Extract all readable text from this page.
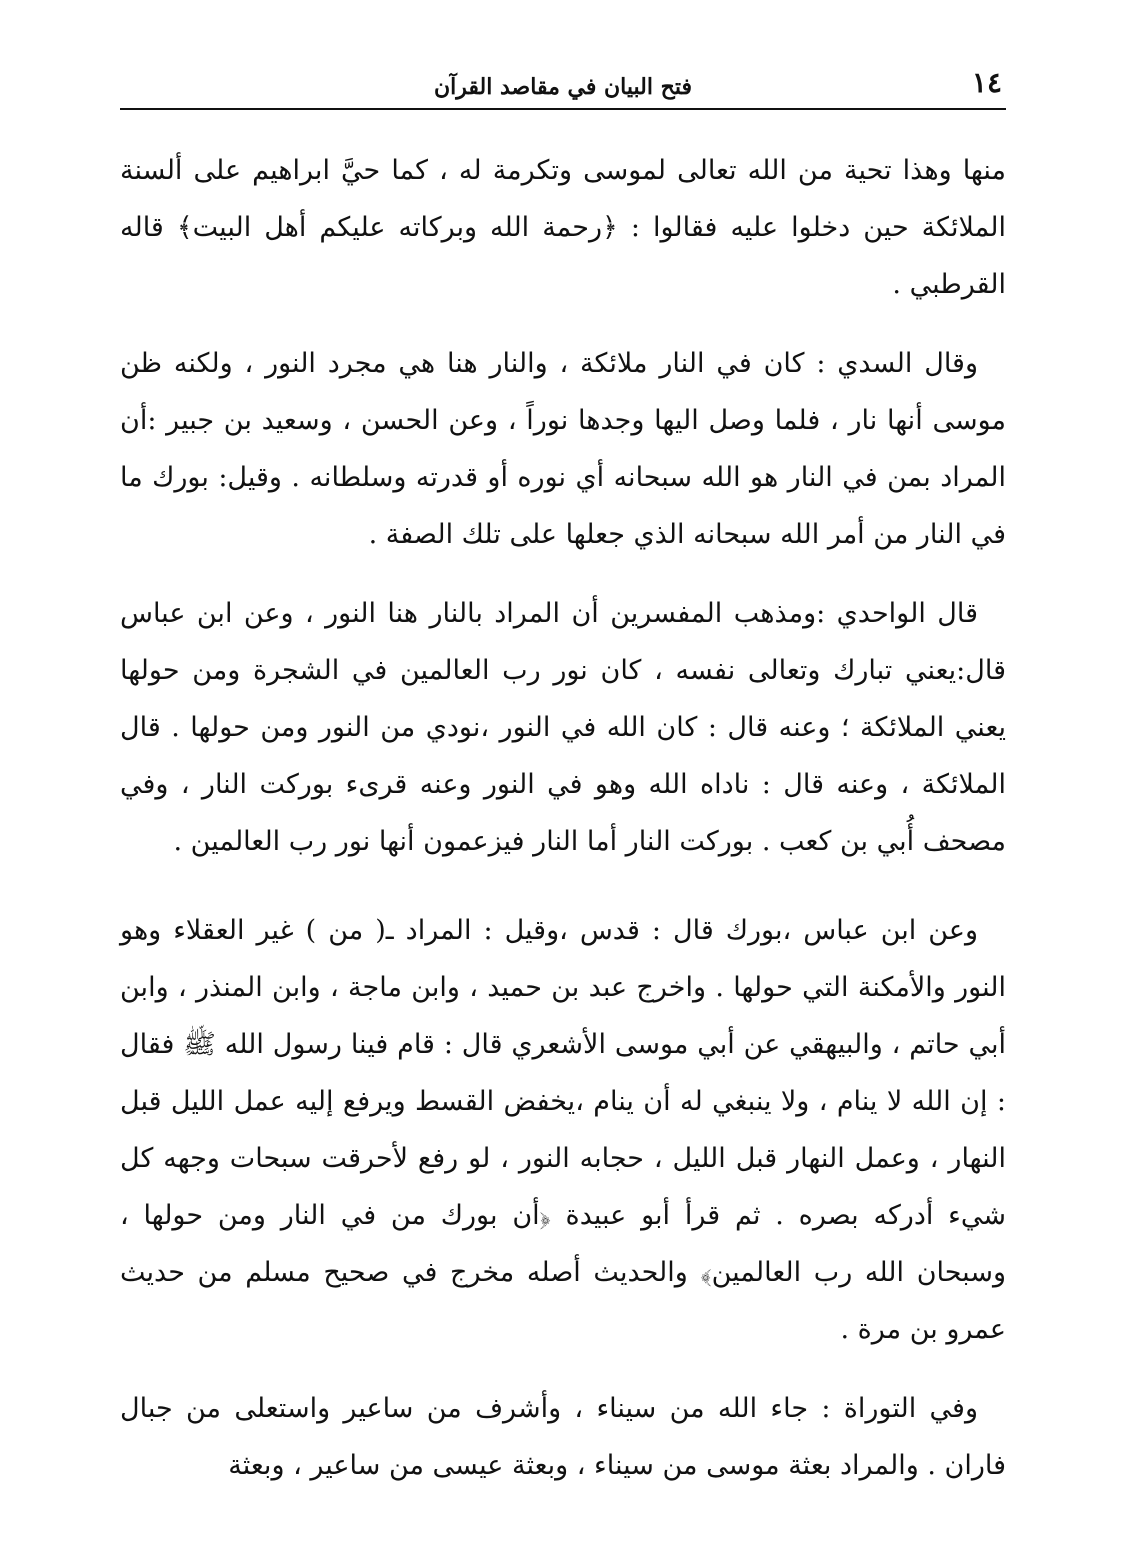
١٤
فتح البيان في مقاصد القرآن

منها وهذا تحية من الله تعالى لموسى وتكرمة له ، كما حيَّ ابراهيم على ألسنة الملائكة حين دخلوا عليه فقالوا : ﴿رحمة الله وبركاته عليكم أهل البيت﴾ قاله القرطبي .

وقال السدي : كان في النار ملائكة ، والنار هنا هي مجرد النور ، ولكنه ظن موسى أنها نار ، فلما وصل اليها وجدها نوراً ، وعن الحسن ، وسعيد بن جبير :أن المراد بمن في النار هو الله سبحانه أي نوره أو قدرته وسلطانه . وقيل: بورك ما في النار من أمر الله سبحانه الذي جعلها على تلك الصفة .

قال الواحدي :ومذهب المفسرين أن المراد بالنار هنا النور ، وعن ابن عباس قال:يعني تبارك وتعالى نفسه ، كان نور رب العالمين في الشجرة ومن حولها يعني الملائكة ؛ وعنه قال : كان الله في النور ،نودي من النور ومن حولها . قال الملائكة ، وعنه قال : ناداه الله وهو في النور وعنه قرىء بوركت النار ، وفي مصحف أُبي بن كعب . بوركت النار أما النار فيزعمون أنها نور رب العالمين .

وعن ابن عباس ،بورك قال : قدس ،وقيل : المراد ـ( من ) غير العقلاء وهو النور والأمكنة التي حولها . واخرج عبد بن حميد ، وابن ماجة ، وابن المنذر ، وابن أبي حاتم ، والبيهقي عن أبي موسى الأشعري قال : قام فينا رسول الله ﷺ فقال : إن الله لا ينام ، ولا ينبغي له أن ينام ،يخفض القسط ويرفع إليه عمل الليل قبل النهار ، وعمل النهار قبل الليل ، حجابه النور ، لو رفع لأحرقت سبحات وجهه كل شيء أدركه بصره . ثم قرأ أبو عبيدة ﴿أن بورك من في النار ومن حولها ، وسبحان الله رب العالمين﴾ والحديث أصله مخرج في صحيح مسلم من حديث عمرو بن مرة .

وفي التوراة : جاء الله من سيناء ، وأشرف من ساعير واستعلى من جبال فاران . والمراد بعثة موسى من سيناء ، وبعثة عيسى من ساعير ، وبعثة
